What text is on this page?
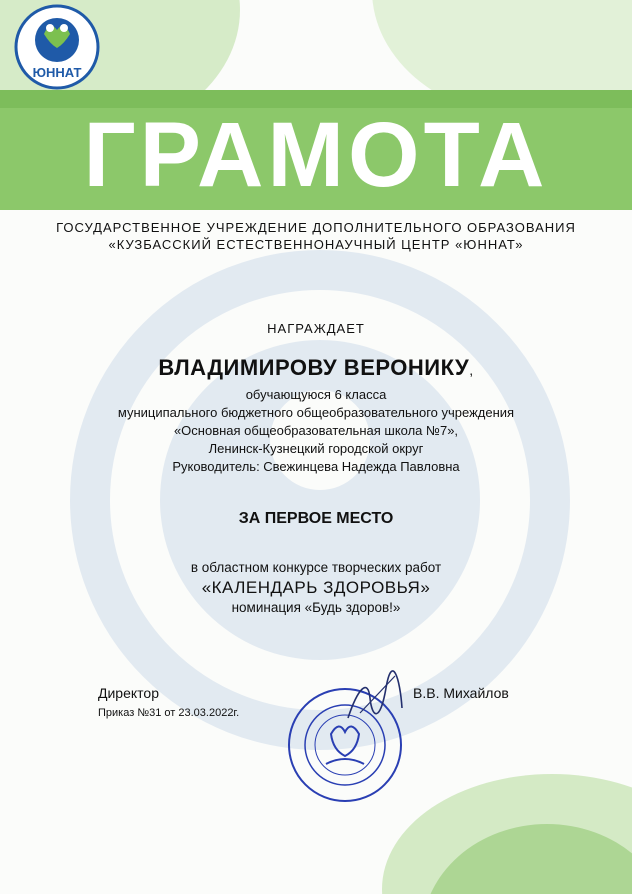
ЮННАТ
ГРАМОТА
ГОСУДАРСТВЕННОЕ УЧРЕЖДЕНИЕ ДОПОЛНИТЕЛЬНОГО ОБРАЗОВАНИЯ
«КУЗБАССКИЙ ЕСТЕСТВЕННОНАУЧНЫЙ ЦЕНТР «ЮННАТ»
НАГРАЖДАЕТ
ВЛАДИМИРОВУ ВЕРОНИКУ,
обучающуюся 6 класса
муниципального бюджетного общеобразовательного учреждения
«Основная общеобразовательная школа №7»,
Ленинск-Кузнецкий городской округ
Руководитель: Свежинцева Надежда Павловна
ЗА ПЕРВОЕ МЕСТО
в областном конкурсе творческих работ
«КАЛЕНДАРЬ ЗДОРОВЬЯ»
номинация «Будь здоров!»
Директор
Приказ №31 от 23.03.2022г.
В.В. Михайлов
